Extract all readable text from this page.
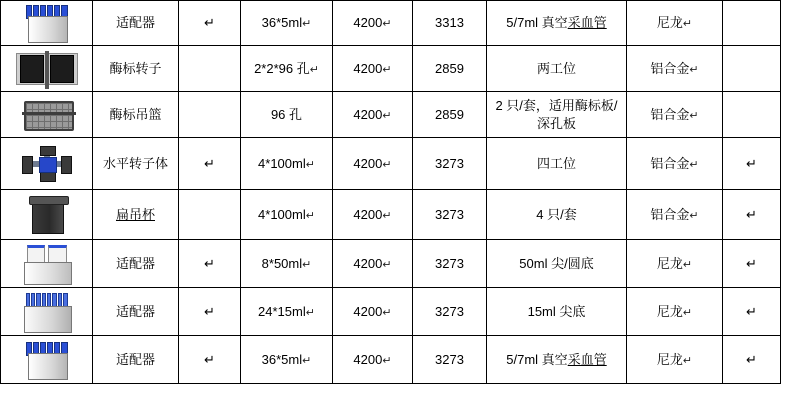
	适配器	↵	36*5ml↵	4200↵	3313	5/7ml 真空采血管	尼龙↵	

	酶标转子		2*2*96 孔↵	4200↵	2859	两工位	铝合金↵	

	酶标吊篮		96 孔	4200↵	2859	2 只/套，适用酶标板/深孔板	铝合金↵	

	水平转子体	↵	4*100ml↵	4200↵	3273	四工位	铝合金↵	↵

	扁吊杯		4*100ml↵	4200↵	3273	4 只/套	铝合金↵	↵

	适配器	↵	8*50ml↵	4200↵	3273	50ml 尖/圆底	尼龙↵	↵

	适配器	↵	24*15ml↵	4200↵	3273	15ml 尖底	尼龙↵	↵

	适配器	↵	36*5ml↵	4200↵	3273	5/7ml 真空采血管	尼龙↵	↵
